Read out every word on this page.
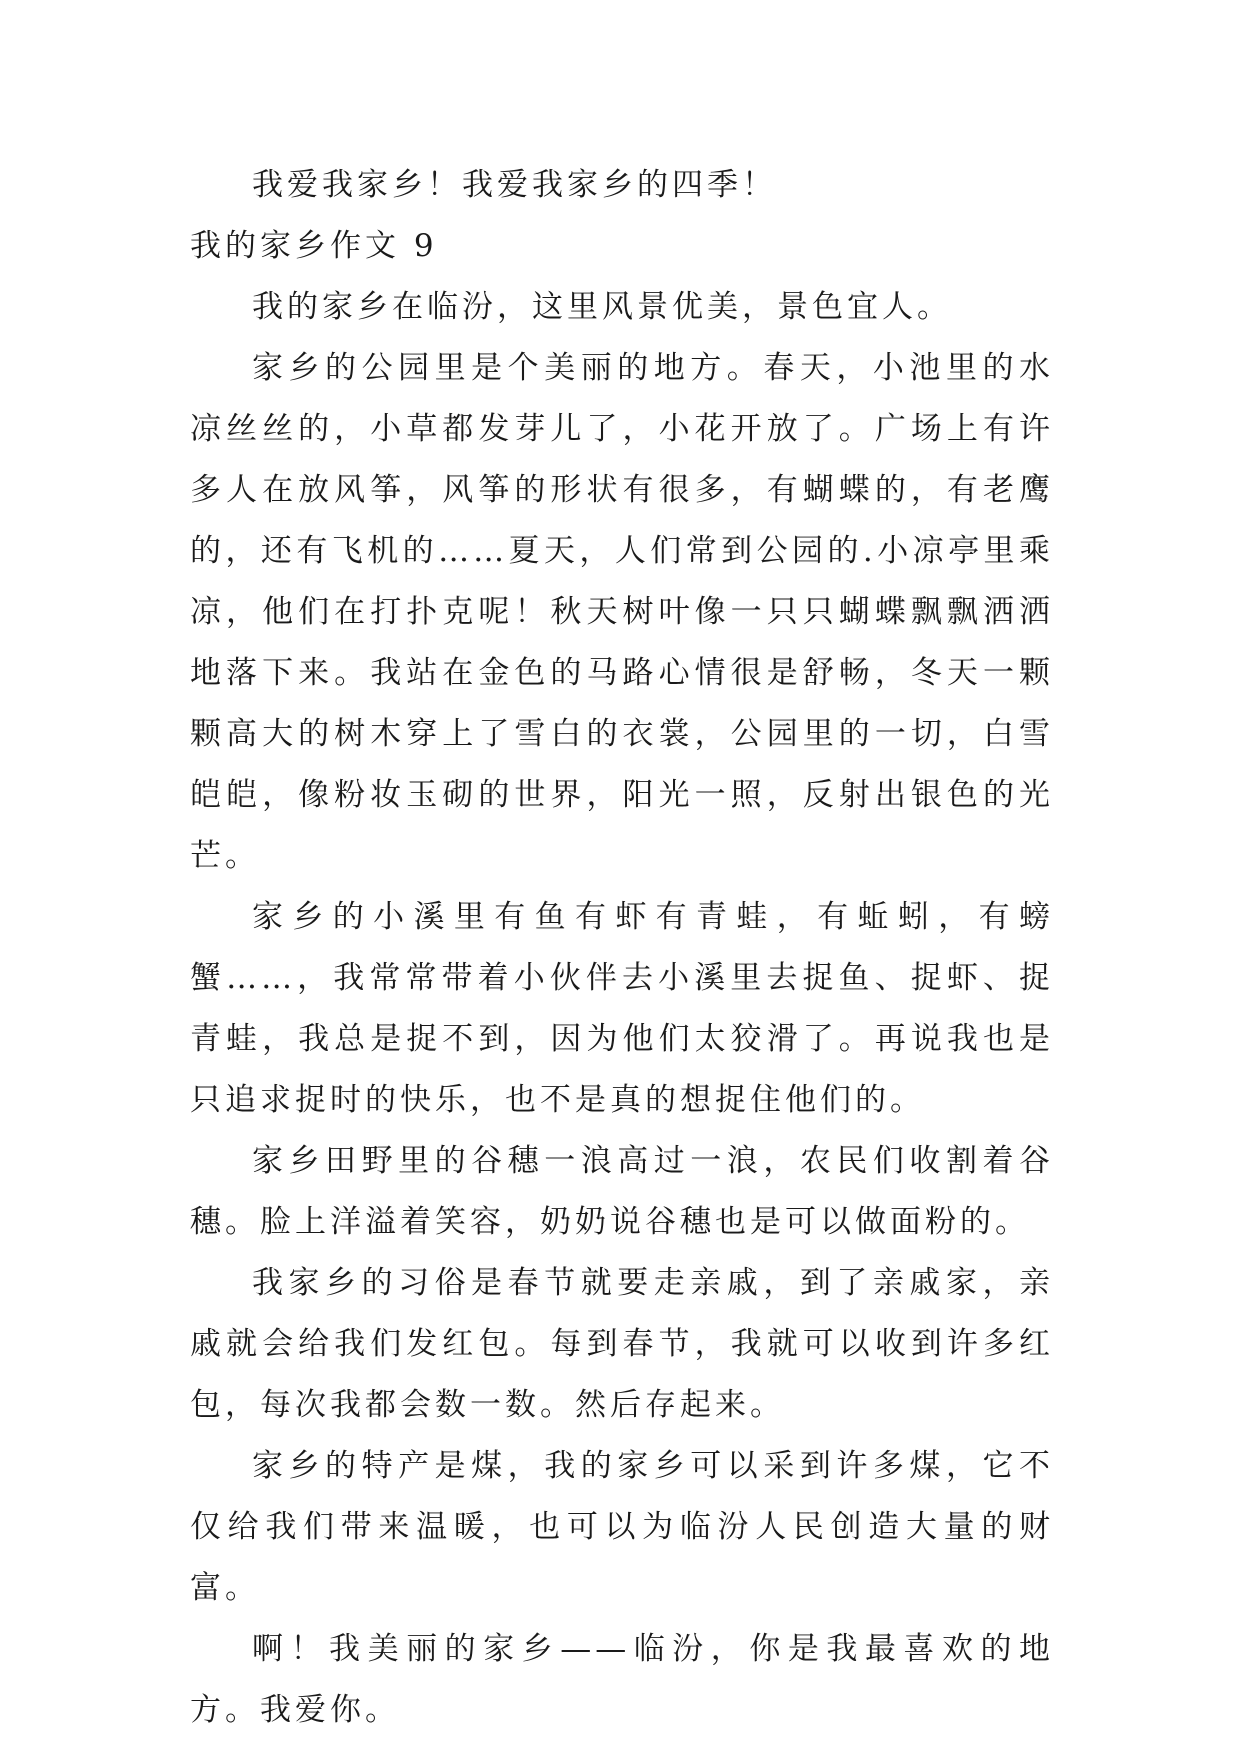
我爱我家乡！我爱我家乡的四季！

我的家乡作文 9

我的家乡在临汾，这里风景优美，景色宜人。

家乡的公园里是个美丽的地方。春天，小池里的水凉丝丝的，小草都发芽儿了，小花开放了。广场上有许多人在放风筝，风筝的形状有很多，有蝴蝶的，有老鹰的，还有飞机的……夏天，人们常到公园的.小凉亭里乘凉，他们在打扑克呢！秋天树叶像一只只蝴蝶飘飘洒洒地落下来。我站在金色的马路心情很是舒畅，冬天一颗颗高大的树木穿上了雪白的衣裳，公园里的一切，白雪皑皑，像粉妆玉砌的世界，阳光一照，反射出银色的光芒。

家乡的小溪里有鱼有虾有青蛙，有蚯蚓，有螃蟹……，我常常带着小伙伴去小溪里去捉鱼、捉虾、捉青蛙，我总是捉不到，因为他们太狡滑了。再说我也是只追求捉时的快乐，也不是真的想捉住他们的。

家乡田野里的谷穗一浪高过一浪，农民们收割着谷穗。脸上洋溢着笑容，奶奶说谷穗也是可以做面粉的。

我家乡的习俗是春节就要走亲戚，到了亲戚家，亲戚就会给我们发红包。每到春节，我就可以收到许多红包，每次我都会数一数。然后存起来。

家乡的特产是煤，我的家乡可以采到许多煤，它不仅给我们带来温暖，也可以为临汾人民创造大量的财富。

啊！我美丽的家乡——临汾，你是我最喜欢的地方。我爱你。
